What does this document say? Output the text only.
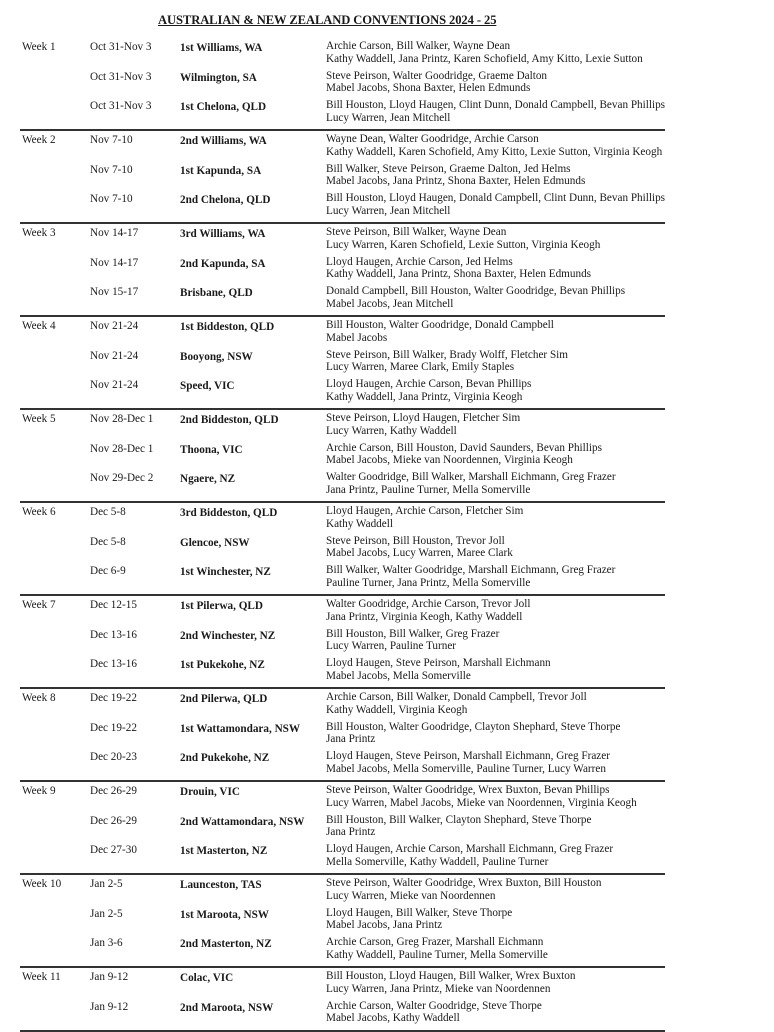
AUSTRALIAN & NEW ZEALAND CONVENTIONS 2024 - 25
Week 1	Oct 31-Nov 3	1st Williams, WA	Archie Carson, Bill Walker, Wayne Dean
Kathy Waddell, Jana Printz, Karen Schofield, Amy Kitto, Lexie Sutton
Oct 31-Nov 3	Wilmington, SA	Steve Peirson, Walter Goodridge, Graeme Dalton
Mabel Jacobs, Shona Baxter, Helen Edmunds
Oct 31-Nov 3	1st Chelona, QLD	Bill Houston, Lloyd Haugen, Clint Dunn, Donald Campbell, Bevan Phillips
Lucy Warren, Jean Mitchell
Week 2	Nov 7-10	2nd Williams, WA	Wayne Dean, Walter Goodridge, Archie Carson
Kathy Waddell, Karen Schofield, Amy Kitto, Lexie Sutton, Virginia Keogh
Nov 7-10	1st Kapunda, SA	Bill Walker, Steve Peirson, Graeme Dalton, Jed Helms
Mabel Jacobs, Jana Printz, Shona Baxter, Helen Edmunds
Nov 7-10	2nd Chelona, QLD	Bill Houston, Lloyd Haugen, Donald Campbell, Clint Dunn, Bevan Phillips
Lucy Warren, Jean Mitchell
Week 3	Nov 14-17	3rd Williams, WA	Steve Peirson, Bill Walker, Wayne Dean
Lucy Warren, Karen Schofield, Lexie Sutton, Virginia Keogh
Nov 14-17	2nd Kapunda, SA	Lloyd Haugen, Archie Carson, Jed Helms
Kathy Waddell, Jana Printz, Shona Baxter, Helen Edmunds
Nov 15-17	Brisbane, QLD	Donald Campbell, Bill Houston, Walter Goodridge, Bevan Phillips
Mabel Jacobs, Jean Mitchell
Week 4	Nov 21-24	1st Biddeston, QLD	Bill Houston, Walter Goodridge, Donald Campbell
Mabel Jacobs
Nov 21-24	Booyong, NSW	Steve Peirson, Bill Walker, Brady Wolff, Fletcher Sim
Lucy Warren, Maree Clark, Emily Staples
Nov 21-24	Speed, VIC	Lloyd Haugen, Archie Carson, Bevan Phillips
Kathy Waddell, Jana Printz, Virginia Keogh
Week 5	Nov 28-Dec 1 2nd Biddeston, QLD	Steve Peirson, Lloyd Haugen, Fletcher Sim
Lucy Warren, Kathy Waddell
Nov 28-Dec 1 Thoona, VIC	Archie Carson, Bill Houston, David Saunders, Bevan Phillips
Mabel Jacobs, Mieke van Noordennen, Virginia Keogh
Nov 29-Dec 2 Ngaere, NZ	Walter Goodridge, Bill Walker, Marshall Eichmann, Greg Frazer
Jana Printz, Pauline Turner, Mella Somerville
Week 6	Dec 5-8	3rd Biddeston, QLD	Lloyd Haugen, Archie Carson, Fletcher Sim
Kathy Waddell
Dec 5-8	Glencoe, NSW	Steve Peirson, Bill Houston, Trevor Joll
Mabel Jacobs, Lucy Warren, Maree Clark
Dec 6-9	1st Winchester, NZ	Bill Walker, Walter Goodridge, Marshall Eichmann, Greg Frazer
Pauline Turner, Jana Printz, Mella Somerville
Week 7	Dec 12-15	1st Pilerwa, QLD	Walter Goodridge, Archie Carson, Trevor Joll
Jana Printz, Virginia Keogh, Kathy Waddell
Dec 13-16	2nd Winchester, NZ	Bill Houston, Bill Walker, Greg Frazer
Lucy Warren, Pauline Turner
Dec 13-16	1st Pukekohe, NZ	Lloyd Haugen, Steve Peirson, Marshall Eichmann
Mabel Jacobs, Mella Somerville
Week 8	Dec 19-22	2nd Pilerwa, QLD	Archie Carson, Bill Walker, Donald Campbell, Trevor Joll
Kathy Waddell, Virginia Keogh
Dec 19-22	1st Wattamondara, NSW Bill Houston, Walter Goodridge, Clayton Shephard, Steve Thorpe
Jana Printz
Dec 20-23	2nd Pukekohe, NZ	Lloyd Haugen, Steve Peirson, Marshall Eichmann, Greg Frazer
Mabel Jacobs, Mella Somerville, Pauline Turner, Lucy Warren
Week 9	Dec 26-29	Drouin, VIC	Steve Peirson, Walter Goodridge, Wrex Buxton, Bevan Phillips
Lucy Warren, Mabel Jacobs, Mieke van Noordennen, Virginia Keogh
Dec 26-29	2nd Wattamondara, NSW Bill Houston, Bill Walker, Clayton Shephard, Steve Thorpe
Jana Printz
Dec 27-30	1st Masterton, NZ	Lloyd Haugen, Archie Carson, Marshall Eichmann, Greg Frazer
Mella Somerville, Kathy Waddell, Pauline Turner
Week 10	Jan 2-5	Launceston, TAS	Steve Peirson, Walter Goodridge, Wrex Buxton, Bill Houston
Lucy Warren, Mieke van Noordennen
Jan 2-5	1st Maroota, NSW	Lloyd Haugen, Bill Walker, Steve Thorpe
Mabel Jacobs, Jana Printz
Jan 3-6	2nd Masterton, NZ	Archie Carson, Greg Frazer, Marshall Eichmann
Kathy Waddell, Pauline Turner, Mella Somerville
Week 11	Jan 9-12	Colac, VIC	Bill Houston, Lloyd Haugen, Bill Walker, Wrex Buxton
Lucy Warren, Jana Printz, Mieke van Noordennen
Jan 9-12	2nd Maroota, NSW	Archie Carson, Walter Goodridge, Steve Thorpe
Mabel Jacobs, Kathy Waddell
